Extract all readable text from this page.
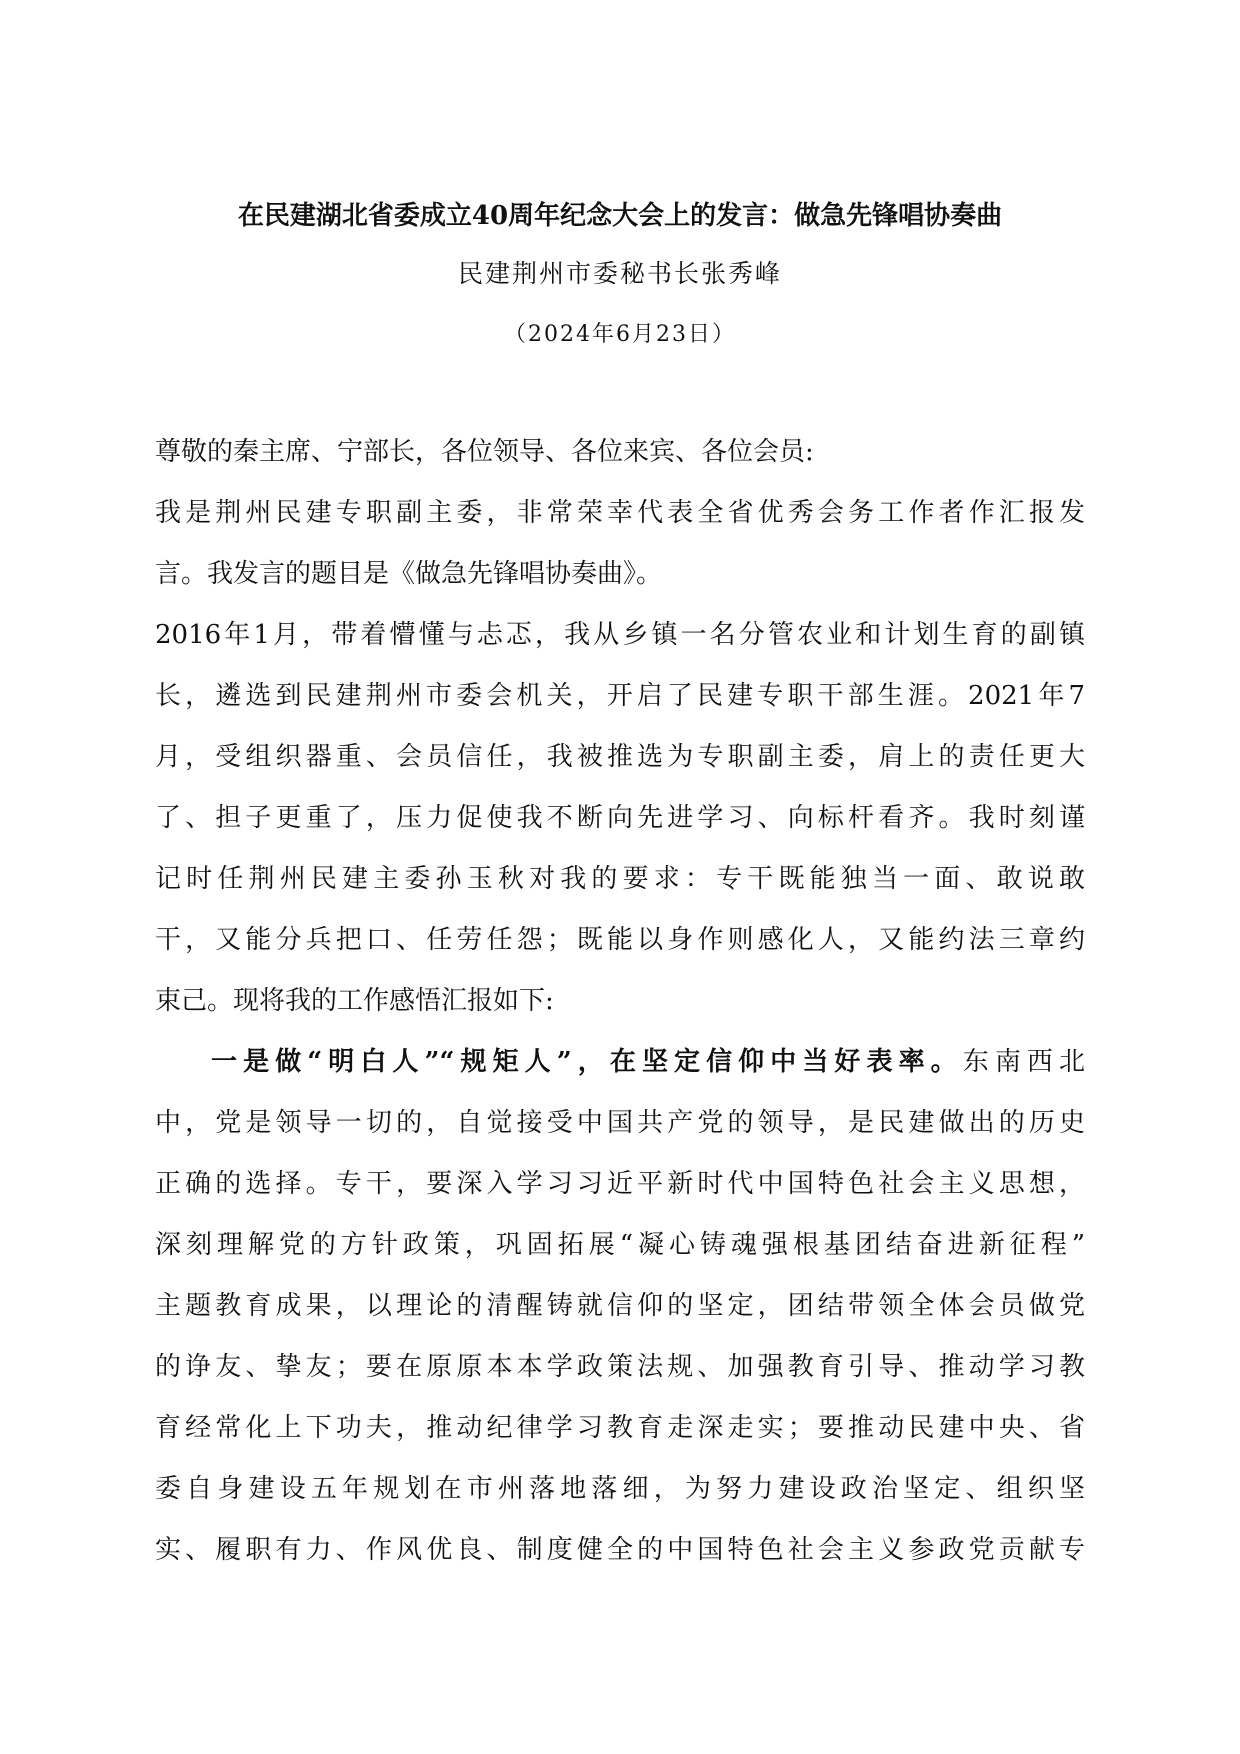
在民建湖北省委成立40周年纪念大会上的发言：做急先锋唱协奏曲
民建荆州市委秘书长张秀峰
（2024年6月23日）
尊敬的秦主席、宁部长，各位领导、各位来宾、各位会员:
我是荆州民建专职副主委，非常荣幸代表全省优秀会务工作者作汇报发
言。我发言的题目是《做急先锋唱协奏曲》。
2016年1月，带着懵懂与忐忑，我从乡镇一名分管农业和计划生育的副镇
长，遴选到民建荆州市委会机关，开启了民建专职干部生涯。2021年7
月，受组织器重、会员信任，我被推选为专职副主委，肩上的责任更大
了、担子更重了，压力促使我不断向先进学习、向标杆看齐。我时刻谨
记时任荆州民建主委孙玉秋对我的要求：专干既能独当一面、敢说敢
干，又能分兵把口、任劳任怨；既能以身作则感化人，又能约法三章约
束己。现将我的工作感悟汇报如下:
一是做“明白人”“规矩人”，在坚定信仰中当好表率。东南西北
中，党是领导一切的，自觉接受中国共产党的领导，是民建做出的历史
正确的选择。专干，要深入学习习近平新时代中国特色社会主义思想，
深刻理解党的方针政策，巩固拓展“凝心铸魂强根基团结奋进新征程”
主题教育成果，以理论的清醒铸就信仰的坚定，团结带领全体会员做党
的诤友、挚友；要在原原本本学政策法规、加强教育引导、推动学习教
育经常化上下功夫，推动纪律学习教育走深走实；要推动民建中央、省
委自身建设五年规划在市州落地落细，为努力建设政治坚定、组织坚
实、履职有力、作风优良、制度健全的中国特色社会主义参政党贡献专
